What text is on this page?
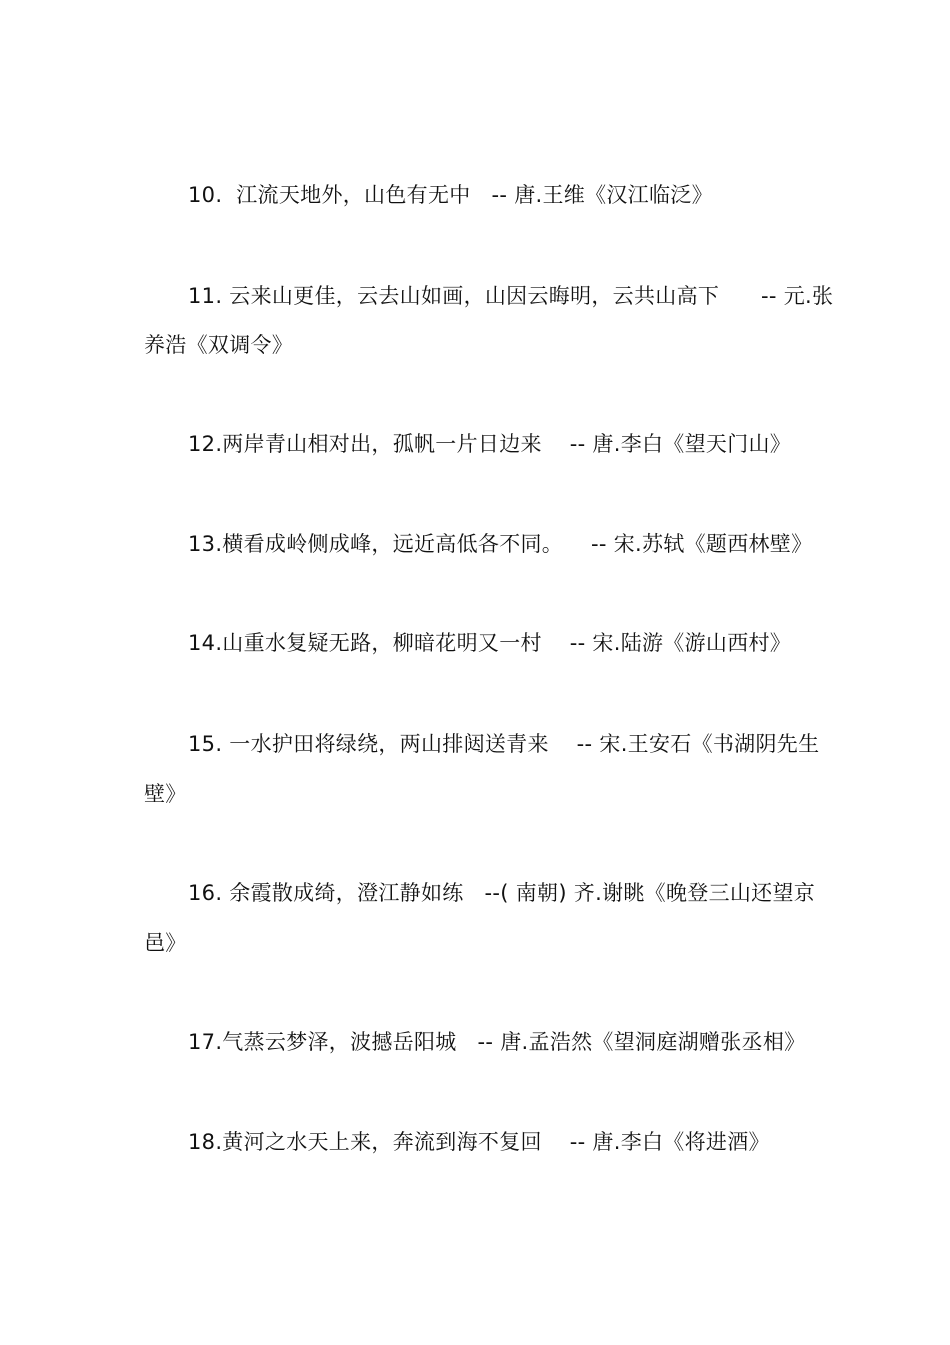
10.  江流天地外，山色有无中   -- 唐.王维《汉江临泛》
11. 云来山更佳，云去山如画，山因云晦明，云共山高下      -- 元.张
养浩《双调令》
12.两岸青山相对出，孤帆一片日边来    -- 唐.李白《望天门山》
13.横看成岭侧成峰，远近高低各不同。    -- 宋.苏轼《题西林壁》
14.山重水复疑无路，柳暗花明又一村    -- 宋.陆游《游山西村》
15. 一水护田将绿绕，两山排闼送青来    -- 宋.王安石《书湖阴先生
壁》
16. 余霞散成绮，澄江静如练   --( 南朝) 齐.谢眺《晚登三山还望京
邑》
17.气蒸云梦泽，波撼岳阳城   -- 唐.孟浩然《望洞庭湖赠张丞相》
18.黄河之水天上来，奔流到海不复回    -- 唐.李白《将进酒》
